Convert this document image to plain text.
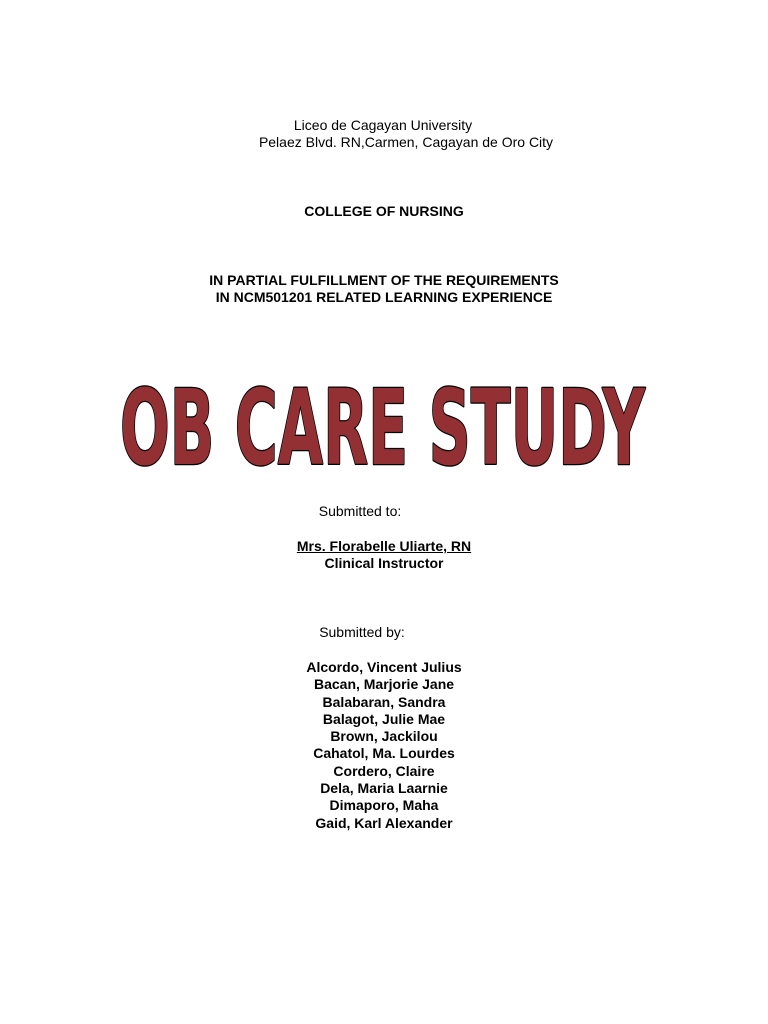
Liceo de Cagayan University
Pelaez Blvd. RN,Carmen, Cagayan de Oro City
COLLEGE OF NURSING
IN PARTIAL FULFILLMENT OF THE REQUIREMENTS
IN NCM501201 RELATED LEARNING EXPERIENCE
OB CARE STUDY
Submitted to:
Mrs. Florabelle Uliarte, RN
Clinical Instructor
Submitted by:
Alcordo, Vincent Julius
Bacan, Marjorie Jane
Balabaran, Sandra
Balagot, Julie Mae
Brown, Jackilou
Cahatol, Ma. Lourdes
Cordero, Claire
Dela, Maria Laarnie
Dimaporo, Maha
Gaid, Karl Alexander
